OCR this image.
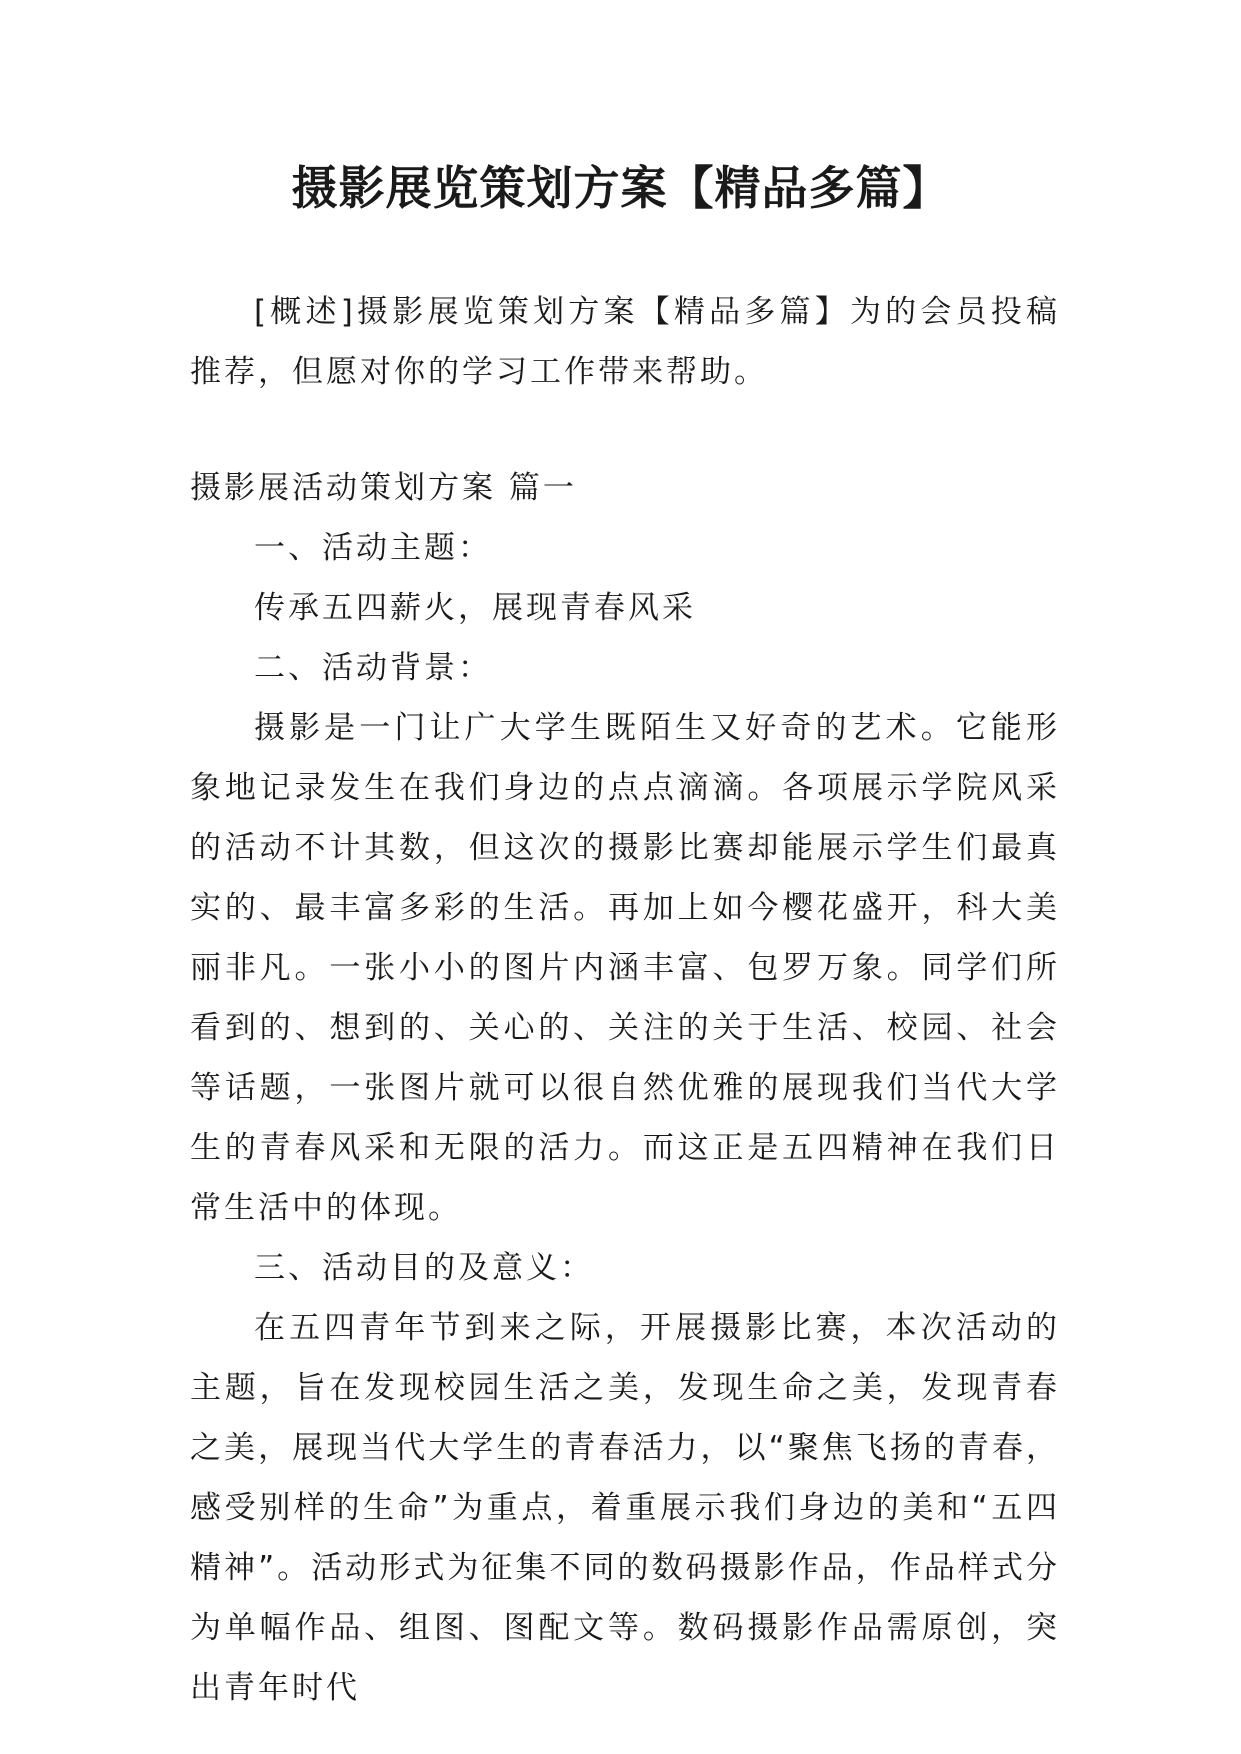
摄影展览策划方案【精品多篇】

[概述]摄影展览策划方案【精品多篇】为的会员投稿推荐，但愿对你的学习工作带来帮助。

摄影展活动策划方案 篇一

一、活动主题：

传承五四薪火，展现青春风采

二、活动背景：

摄影是一门让广大学生既陌生又好奇的艺术。它能形象地记录发生在我们身边的点点滴滴。各项展示学院风采的活动不计其数，但这次的摄影比赛却能展示学生们最真实的、最丰富多彩的生活。再加上如今樱花盛开，科大美丽非凡。一张小小的图片内涵丰富、包罗万象。同学们所看到的、想到的、关心的、关注的关于生活、校园、社会等话题，一张图片就可以很自然优雅的展现我们当代大学生的青春风采和无限的活力。而这正是五四精神在我们日常生活中的体现。

三、活动目的及意义：

在五四青年节到来之际，开展摄影比赛，本次活动的主题，旨在发现校园生活之美，发现生命之美，发现青春之美，展现当代大学生的青春活力，以“聚焦飞扬的青春，感受别样的生命”为重点，着重展示我们身边的美和“五四精神”。活动形式为征集不同的数码摄影作品，作品样式分为单幅作品、组图、图配文等。数码摄影作品需原创，突出青年时代
